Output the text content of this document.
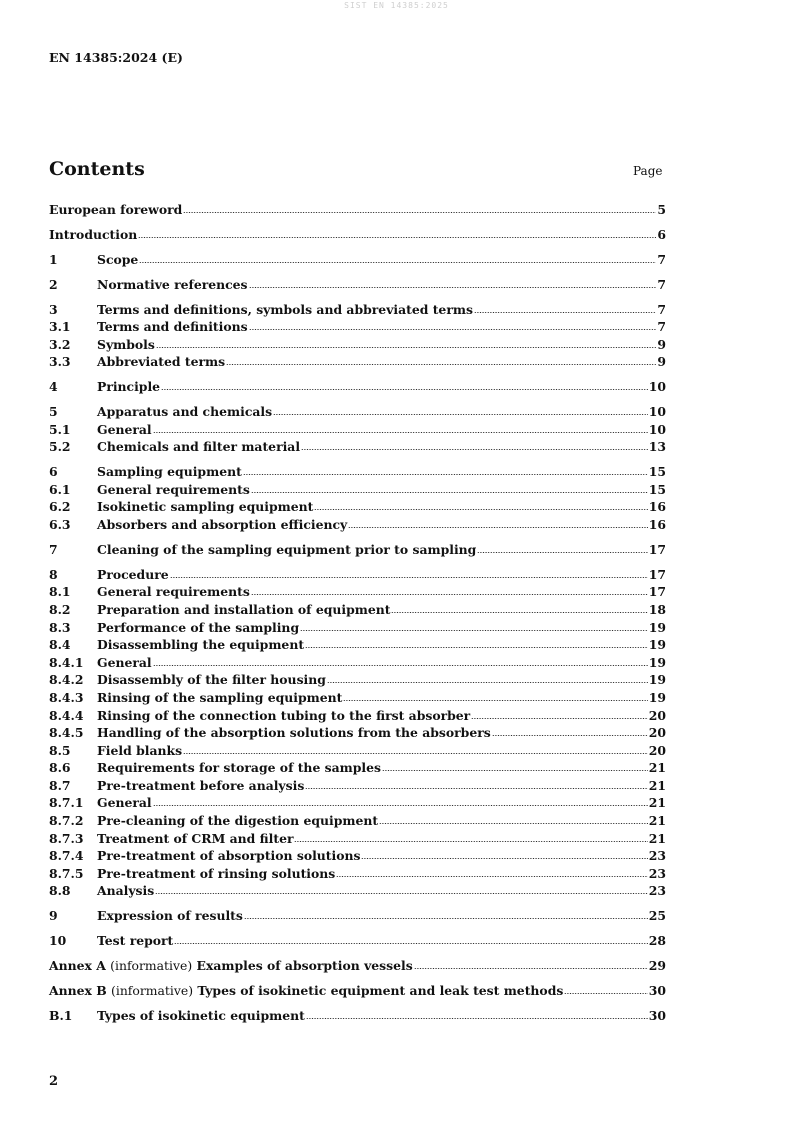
SIST EN 14385:2025
EN 14385:2024 (E)
Contents	Page
European foreword	5
Introduction	6
1	Scope	7
2	Normative references	7
3	Terms and definitions, symbols and abbreviated terms	7
3.1	Terms and definitions	7
3.2	Symbols	9
3.3	Abbreviated terms	9
4	Principle	10
5	Apparatus and chemicals	10
5.1	General	10
5.2	Chemicals and filter material	13
6	Sampling equipment	15
6.1	General requirements	15
6.2	Isokinetic sampling equipment	16
6.3	Absorbers and absorption efficiency	16
7	Cleaning of the sampling equipment prior to sampling	17
8	Procedure	17
8.1	General requirements	17
8.2	Preparation and installation of equipment	18
8.3	Performance of the sampling	19
8.4	Disassembling the equipment	19
8.4.1	General	19
8.4.2	Disassembly of the filter housing	19
8.4.3	Rinsing of the sampling equipment	19
8.4.4	Rinsing of the connection tubing to the first absorber	20
8.4.5	Handling of the absorption solutions from the absorbers	20
8.5	Field blanks	20
8.6	Requirements for storage of the samples	21
8.7	Pre-treatment before analysis	21
8.7.1	General	21
8.7.2	Pre-cleaning of the digestion equipment	21
8.7.3	Treatment of CRM and filter	21
8.7.4	Pre-treatment of absorption solutions	23
8.7.5	Pre-treatment of rinsing solutions	23
8.8	Analysis	23
9	Expression of results	25
10	Test report	28
Annex A (informative) Examples of absorption vessels	29
Annex B (informative) Types of isokinetic equipment and leak test methods	30
B.1	Types of isokinetic equipment	30
2
